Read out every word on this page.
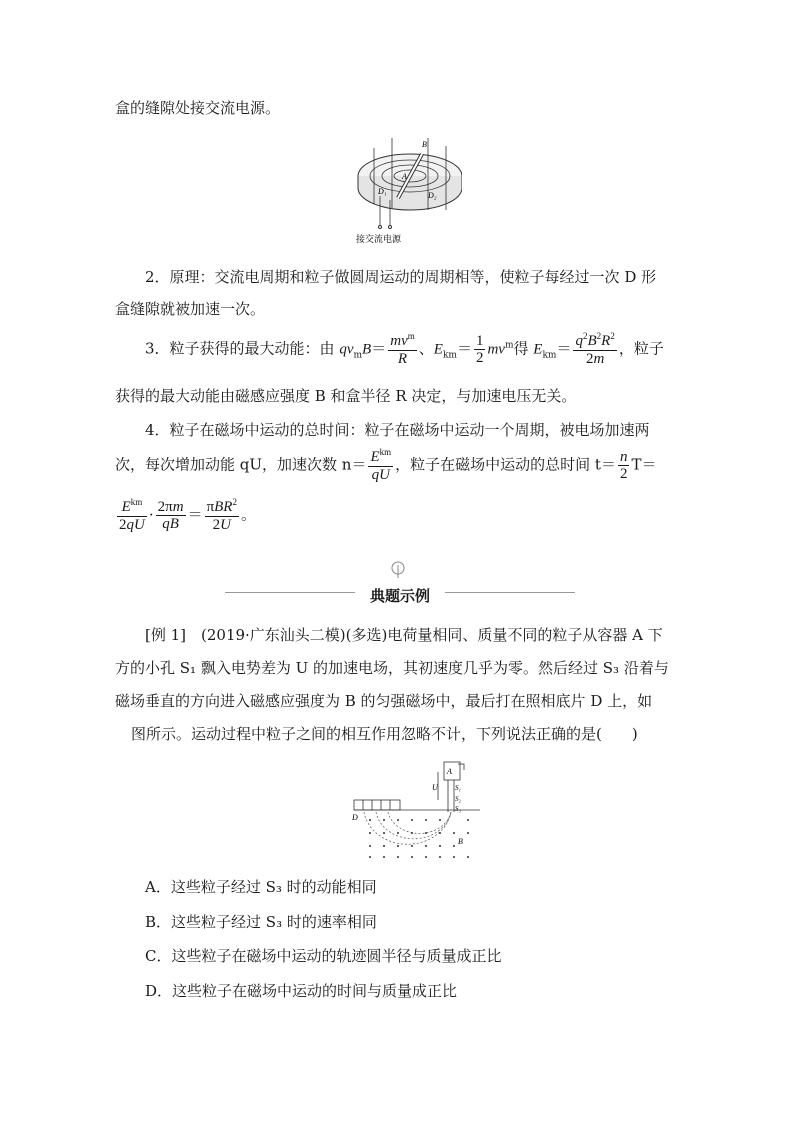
盒的缝隙处接交流电源。
B
A
D₁	D₂
接交流电源
2．原理：交流电周期和粒子做圆周运动的周期相等，使粒子每经过一次 D 形
盒缝隙就被加速一次。
3．粒子获得的最大动能：由 $qv_mB= \frac{mv^m}{R}$ 、$E_{km}= \frac{1}{2} mv^m$得 $E_{km}= \frac{q^2B^2R^2}{2m}$ ，粒子
获得的最大动能由磁感应强度 B 和盒半径 R 决定，与加速电压无关。
4．粒子在磁场中运动的总时间：粒子在磁场中运动一个周期，被电场加速两
次，每次增加动能 qU，加速次数 $n= \frac{E^{km}}{qU}$ ，粒子在磁场中运动的总时间 $t= \frac{n}{2} T=$
$\frac{E^{km}}{2qU} \cdot \frac{2\pi m}{qB} = \frac{\pi BR^2}{2U}$ 。
典题示例
[例 1]　(2019·广东汕头二模)(多选)电荷量相同、质量不同的粒子从容器 A 下
方的小孔 S₁ 飘入电势差为 U 的加速电场，其初速度几乎为零。然后经过 S₃ 沿着与
磁场垂直的方向进入磁感应强度为 B 的匀强磁场中，最后打在照相底片 D 上，如
图所示。运动过程中粒子之间的相互作用忽略不计，下列说法正确的是(　　)
A
U S₁
S₂
S₃
D
B
A．这些粒子经过 S₃ 时的动能相同
B．这些粒子经过 S₃ 时的速率相同
C．这些粒子在磁场中运动的轨迹圆半径与质量成正比
D．这些粒子在磁场中运动的时间与质量成正比
